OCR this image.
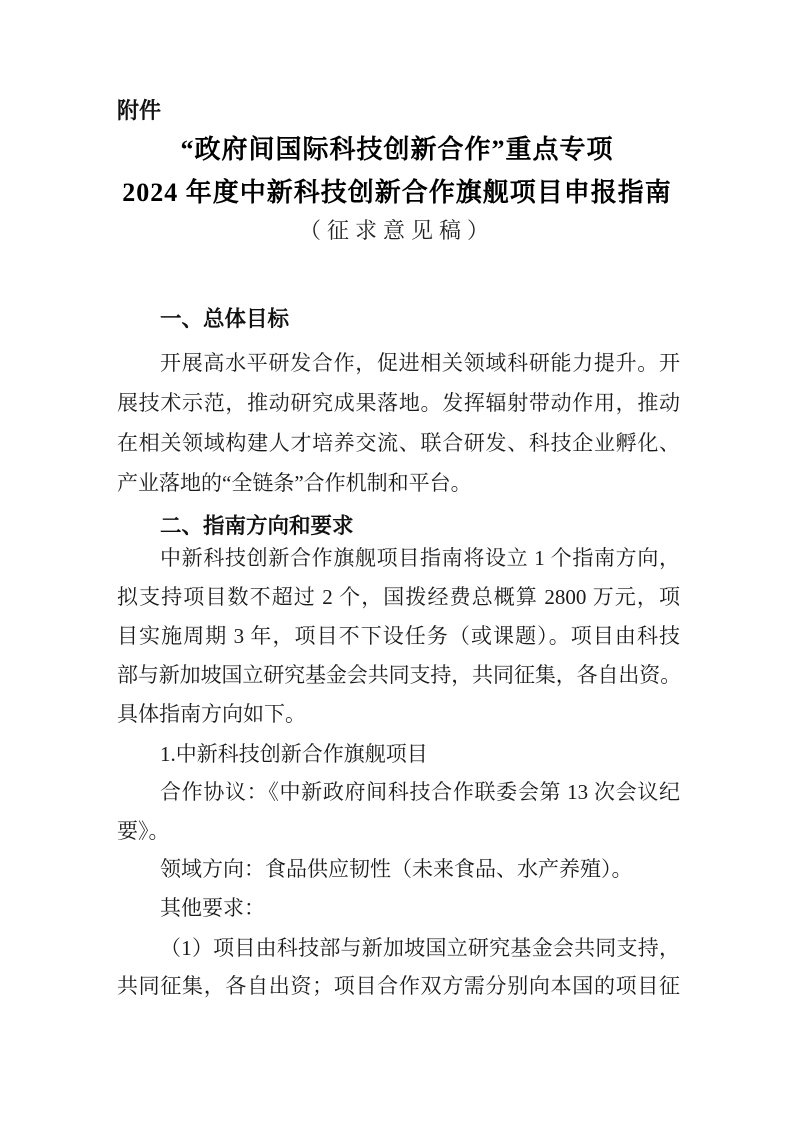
附件
“政府间国际科技创新合作”重点专项
2024 年度中新科技创新合作旗舰项目申报指南
（征求意见稿）
一、总体目标
开展高水平研发合作，促进相关领域科研能力提升。开
展技术示范，推动研究成果落地。发挥辐射带动作用，推动
在相关领域构建人才培养交流、联合研发、科技企业孵化、
产业落地的“全链条”合作机制和平台。
二、指南方向和要求
中新科技创新合作旗舰项目指南将设立 1 个指南方向，
拟支持项目数不超过 2 个，国拨经费总概算 2800 万元，项
目实施周期 3 年，项目不下设任务（或课题）。项目由科技
部与新加坡国立研究基金会共同支持，共同征集，各自出资。
具体指南方向如下。
1.中新科技创新合作旗舰项目
合作协议：《中新政府间科技合作联委会第 13 次会议纪
要》。
领域方向：食品供应韧性（未来食品、水产养殖）。
其他要求：
（1）项目由科技部与新加坡国立研究基金会共同支持，
共同征集，各自出资；项目合作双方需分别向本国的项目征
